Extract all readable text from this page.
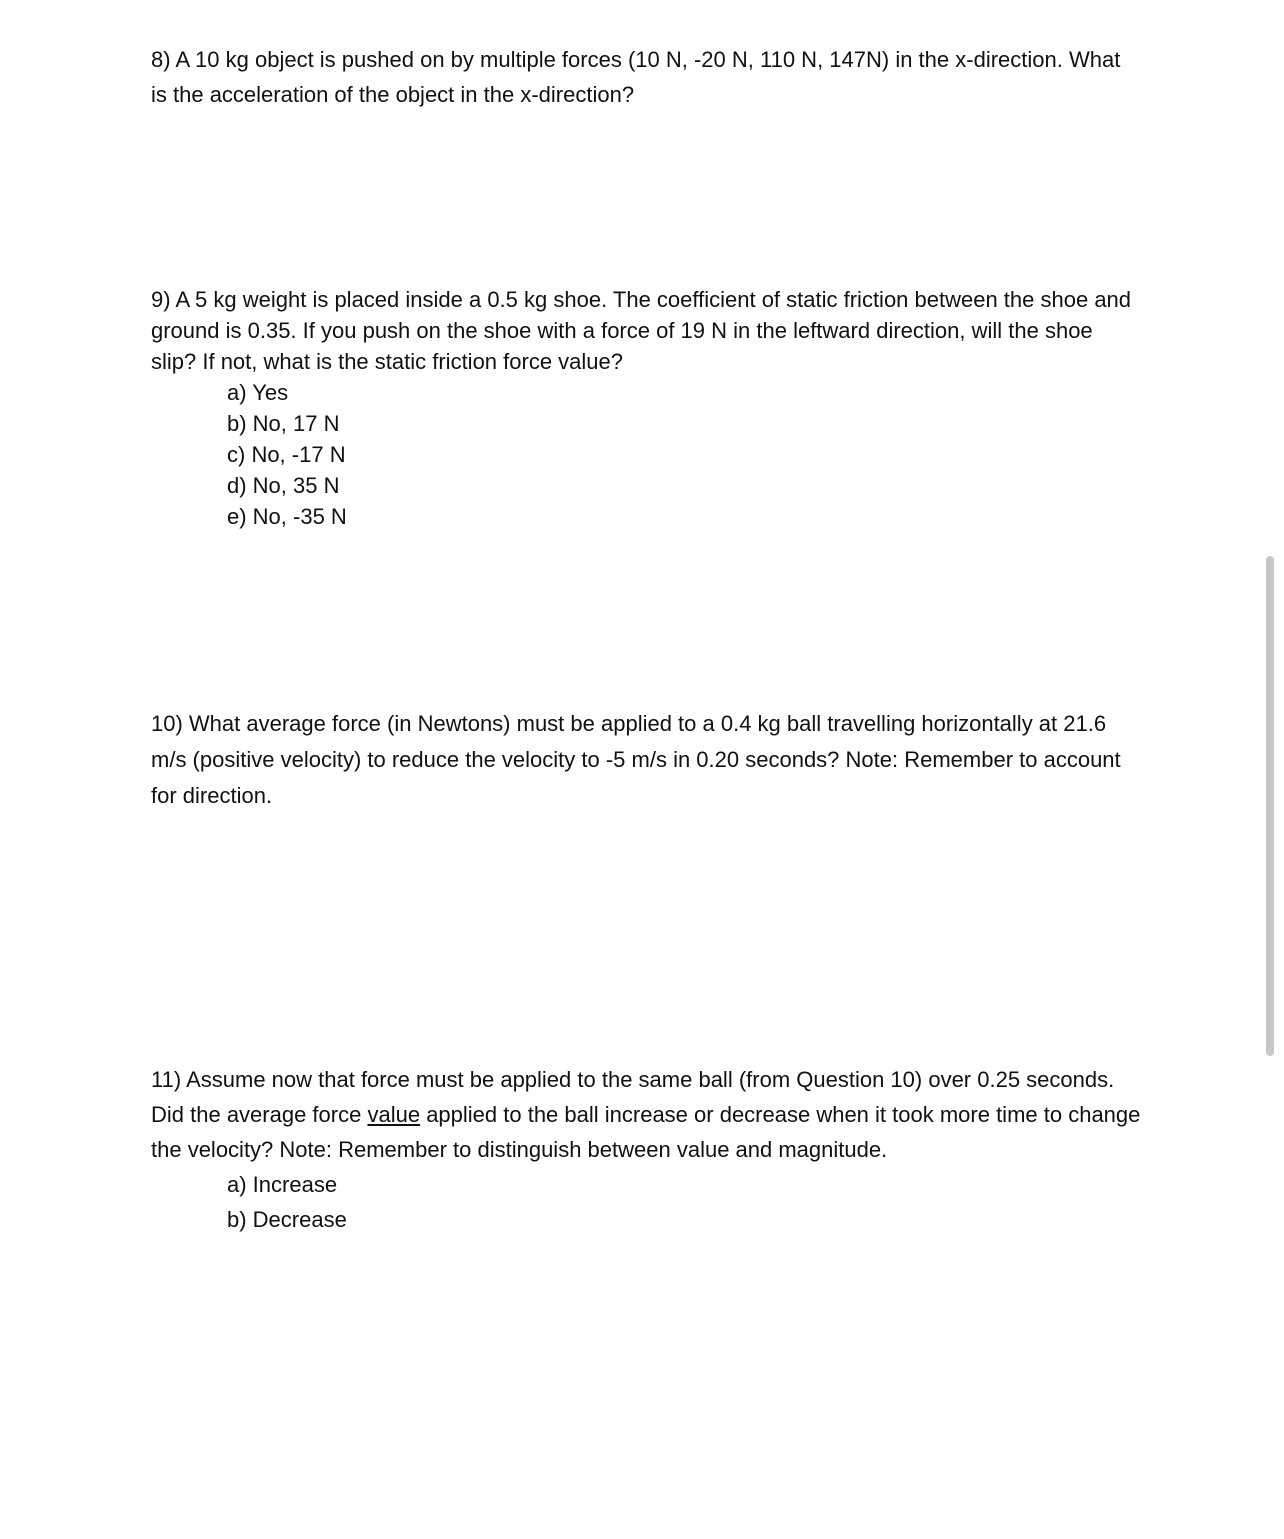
8) A 10 kg object is pushed on by multiple forces (10 N, -20 N, 110 N, 147N) in the x-direction. What is the acceleration of the object in the x-direction?

9) A 5 kg weight is placed inside a 0.5 kg shoe. The coefficient of static friction between the shoe and ground is 0.35. If you push on the shoe with a force of 19 N in the leftward direction, will the shoe slip? If not, what is the static friction force value?

a) Yes
b) No, 17 N
c) No, -17 N
d) No, 35 N
e) No, -35 N

10) What average force (in Newtons) must be applied to a 0.4 kg ball travelling horizontally at 21.6 m/s (positive velocity) to reduce the velocity to -5 m/s in 0.20 seconds? Note: Remember to account for direction.

11) Assume now that force must be applied to the same ball (from Question 10) over 0.25 seconds. Did the average force value applied to the ball increase or decrease when it took more time to change the velocity? Note: Remember to distinguish between value and magnitude.

a) Increase
b) Decrease
